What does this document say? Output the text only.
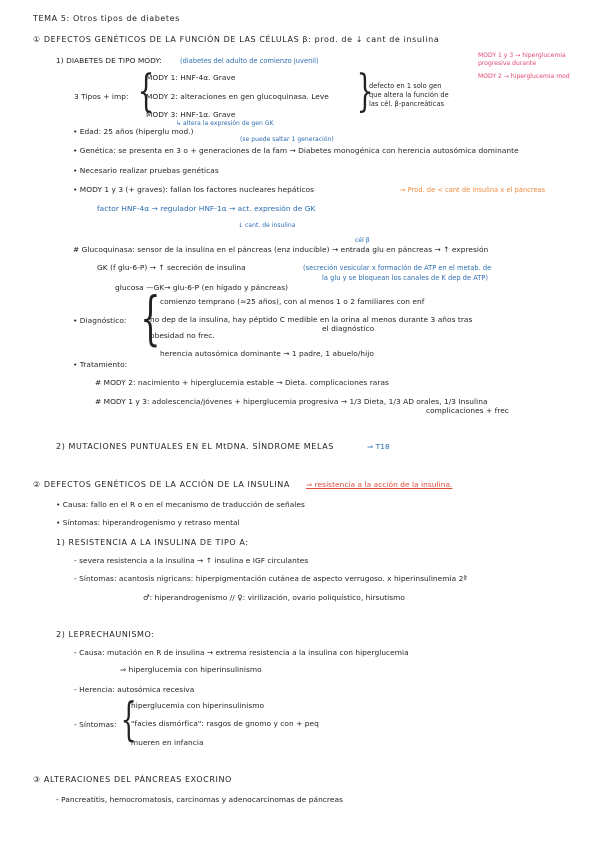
TEMA 5: Otros tipos de diabetes
① DEFECTOS GENÉTICOS DE LA FUNCIÓN DE LAS CÉLULAS β: prod. de ↓ cant de insulina
1) DIABETES DE TIPO MODY:	(diabetes del adulto de comienzo juvenil)
MODY 1 y 3 → hiperglucemia progresiva durante
MODY 2 → hiperglucemia mod
3 Tipos + imp: {
MODY 1: HNF-4α. Grave
MODY 2: alteraciones en gen glucoquinasa. Leve
MODY 3: HNF-1α. Grave
↳ altera la expresión de gen GK
}
defecto en 1 solo gen
que altera la función de
las cél. β-pancreáticas
(se puede saltar 1 generación)
• Edad: 25 años (hiperglu mod.)
• Genética: se presenta en 3 o + generaciones de la fam → Diabetes monogénica con herencia autosómica dominante
• Necesario realizar pruebas genéticas
• MODY 1 y 3 (+ graves): fallan los factores nucleares hepáticos	⇒ Prod. de < cant de insulina x el páncreas
factor HNF-4α → regulador HNF-1α → act. expresión de GK
↓ cant. de insulina
cél β
# Glucoquinasa: sensor de la insulina en el páncreas (enz inducible) → entrada glu en páncreas → ↑ expresión
GK (f glu-6-P) → ↑ secreción de insulina	(secreción vesicular x formación de ATP en el metab. de
la glu y se bloquean los canales de K dep de ATP)
glucosa —GK→ glu-6-P (en hígado y páncreas)
• Diagnóstico: { comienzo temprano (≈25 años), con al menos 1 o 2 familiares con enf
no dep de la insulina, hay péptido C medible en la orina al menos durante 3 años tras
el diagnóstico
obesidad no frec.
herencia autosómica dominante → 1 padre, 1 abuelo/hijo
• Tratamiento:
# MODY 2: nacimiento + hiperglucemia estable → Dieta. complicaciones raras
# MODY 1 y 3: adolescencia/jóvenes + hiperglucemia progresiva → 1/3 Dieta, 1/3 AD orales, 1/3 Insulina
complicaciones + frec
2) MUTACIONES PUNTUALES EN EL MtDNA. SÍNDROME MELAS	⇒ T18
② DEFECTOS GENÉTICOS DE LA ACCIÓN DE LA INSULINA ⇒ resistencia a la acción de la insulina.
• Causa: fallo en el R o en el mecanismo de traducción de señales
• Síntomas: hiperandrogenismo y retraso mental
1) RESISTENCIA A LA INSULINA DE TIPO A:
- severa resistencia a la insulina → ↑ insulina e IGF circulantes
- Síntomas: acantosis nigricans: hiperpigmentación cutánea de aspecto verrugoso. x hiperinsulinemia 2ª
♂: hiperandrogenismo // ♀: virilización, ovario poliquístico, hirsutismo
2) LEPRECHAUNISMO:
- Causa: mutación en R de insulina → extrema resistencia a la insulina con hiperglucemia
⇒ hiperglucemia con hiperinsulinismo
- Herencia: autosómica recesiva
hiperglucemia con hiperinsulinismo
- Síntomas: {
"facies dismórfica": rasgos de gnomo y con + peq
mueren en infancia
③ ALTERACIONES DEL PÁNCREAS EXOCRINO
- Pancreatitis, hemocromatosis, carcinomas y adenocarcinomas de páncreas
